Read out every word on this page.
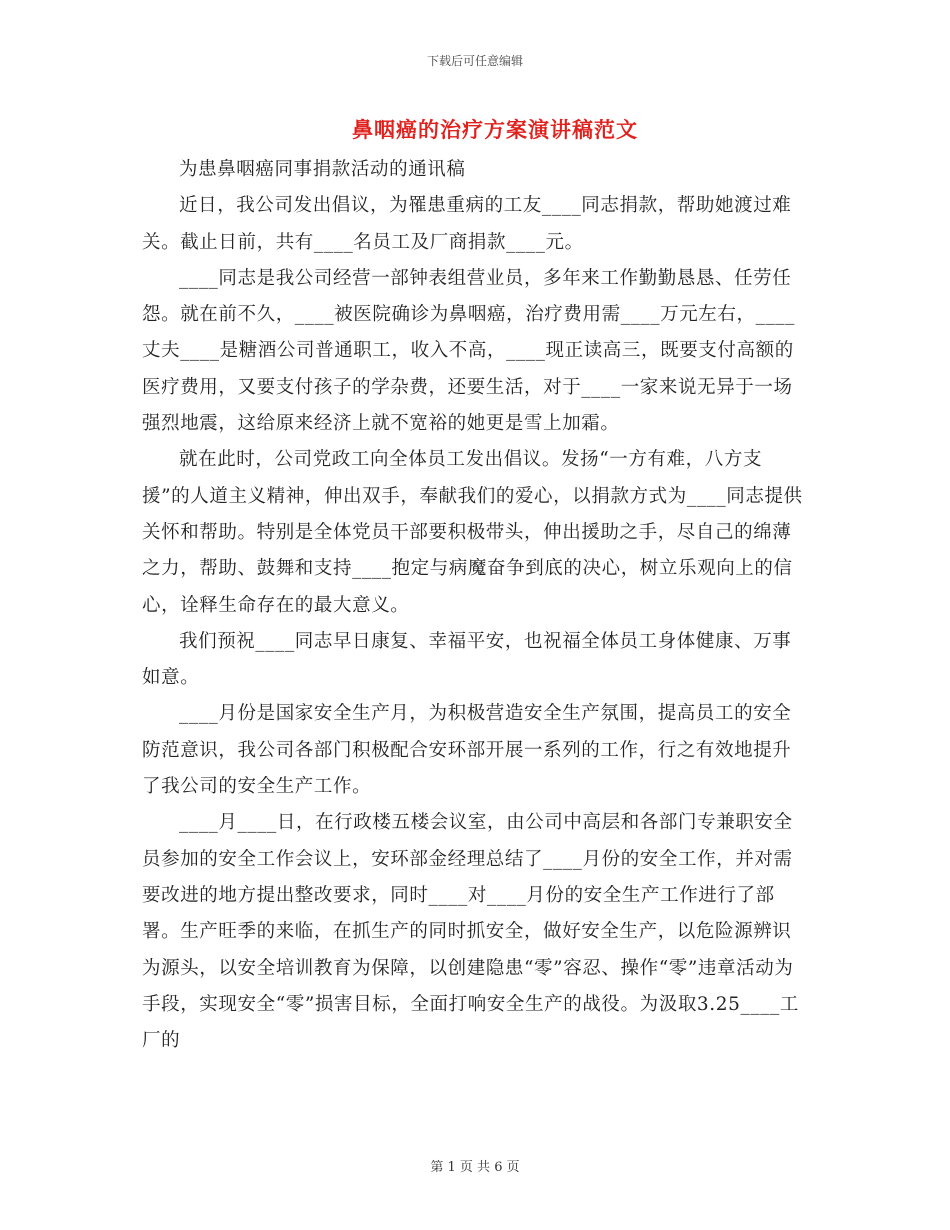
下载后可任意编辑
鼻咽癌的治疗方案演讲稿范文

为患鼻咽癌同事捐款活动的通讯稿

近日，我公司发出倡议，为罹患重病的工友____同志捐款，帮助她渡过难关。截止日前，共有____名员工及厂商捐款____元。

____同志是我公司经营一部钟表组营业员，多年来工作勤勤恳恳、任劳任怨。就在前不久，____被医院确诊为鼻咽癌，治疗费用需____万元左右，____丈夫____是糖酒公司普通职工，收入不高，____现正读高三，既要支付高额的医疗费用，又要支付孩子的学杂费，还要生活，对于____一家来说无异于一场强烈地震，这给原来经济上就不宽裕的她更是雪上加霜。

就在此时，公司党政工向全体员工发出倡议。发扬“一方有难，八方支援”的人道主义精神，伸出双手，奉献我们的爱心，以捐款方式为____同志提供关怀和帮助。特别是全体党员干部要积极带头，伸出援助之手，尽自己的绵薄之力，帮助、鼓舞和支持____抱定与病魔奋争到底的决心，树立乐观向上的信心，诠释生命存在的最大意义。

我们预祝____同志早日康复、幸福平安，也祝福全体员工身体健康、万事如意。

____月份是国家安全生产月，为积极营造安全生产氛围，提高员工的安全防范意识，我公司各部门积极配合安环部开展一系列的工作，行之有效地提升了我公司的安全生产工作。

____月____日，在行政楼五楼会议室，由公司中高层和各部门专兼职安全员参加的安全工作会议上，安环部金经理总结了____月份的安全工作，并对需要改进的地方提出整改要求，同时____对____月份的安全生产工作进行了部署。生产旺季的来临，在抓生产的同时抓安全，做好安全生产，以危险源辨识为源头，以安全培训教育为保障，以创建隐患“零”容忍、操作“零”违章活动为手段，实现安全“零”损害目标，全面打响安全生产的战役。为汲取3.25____工厂的

第 1 页 共 6 页
